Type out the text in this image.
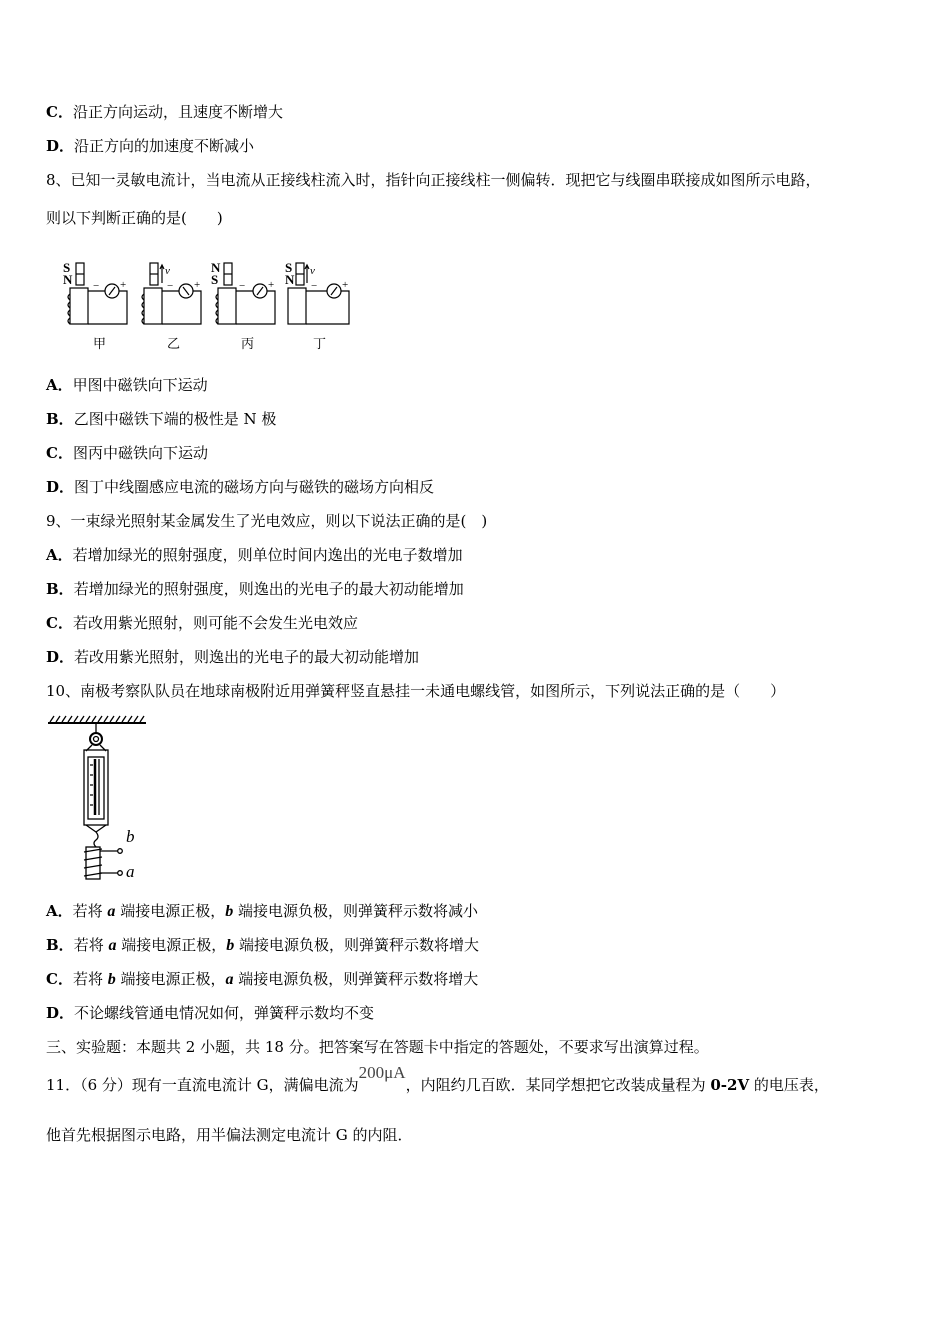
C．沿正方向运动，且速度不断增大
D．沿正方向的加速度不断减小
8、已知一灵敏电流计，当电流从正接线柱流入时，指针向正接线柱一侧偏转．现把它与线圈串联接成如图所示电路，
则以下判断正确的是(　　)
S
N − +
v
− +
N
S − +
S
N
v
− +
甲	乙	丙	丁
A．甲图中磁铁向下运动
B．乙图中磁铁下端的极性是 N 极
C．图丙中磁铁向下运动
D．图丁中线圈感应电流的磁场方向与磁铁的磁场方向相反
9、一束绿光照射某金属发生了光电效应，则以下说法正确的是(　)
A．若增加绿光的照射强度，则单位时间内逸出的光电子数增加
B．若增加绿光的照射强度，则逸出的光电子的最大初动能增加
C．若改用紫光照射，则可能不会发生光电效应
D．若改用紫光照射，则逸出的光电子的最大初动能增加
10、南极考察队队员在地球南极附近用弹簧秤竖直悬挂一未通电螺线管，如图所示，下列说法正确的是（　　）
b
a
A．若将 a 端接电源正极，b 端接电源负极，则弹簧秤示数将减小
B．若将 a 端接电源正极，b 端接电源负极，则弹簧秤示数将增大
C．若将 b 端接电源正极，a 端接电源负极，则弹簧秤示数将增大
D．不论螺线管通电情况如何，弹簧秤示数均不变
三、实验题：本题共 2 小题，共 18 分。把答案写在答题卡中指定的答题处，不要求写出演算过程。
11．（6 分）现有一直流电流计 G，满偏电流为200μA，内阻约几百欧．某同学想把它改装成量程为 0-2V 的电压表，
他首先根据图示电路，用半偏法测定电流计 G 的内阻．
